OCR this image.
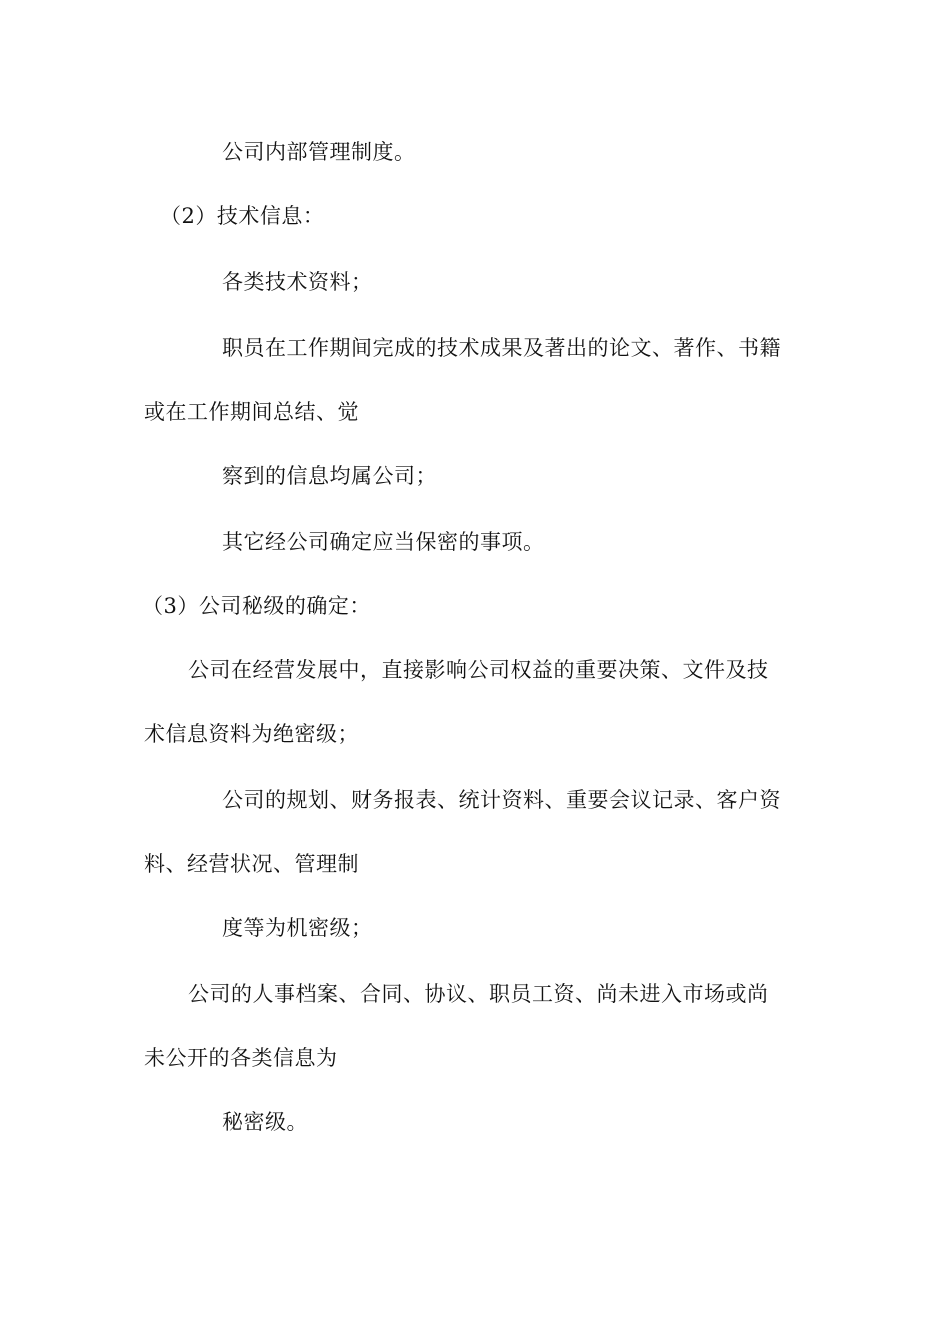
公司内部管理制度。
（2）技术信息：
各类技术资料；
职员在工作期间完成的技术成果及著出的论文、著作、书籍
或在工作期间总结、觉
察到的信息均属公司；
其它经公司确定应当保密的事项。
（3）公司秘级的确定：
公司在经营发展中，直接影响公司权益的重要决策、文件及技
术信息资料为绝密级；
公司的规划、财务报表、统计资料、重要会议记录、客户资
料、经营状况、管理制
度等为机密级；
公司的人事档案、合同、协议、职员工资、尚未进入市场或尚
未公开的各类信息为
秘密级。
